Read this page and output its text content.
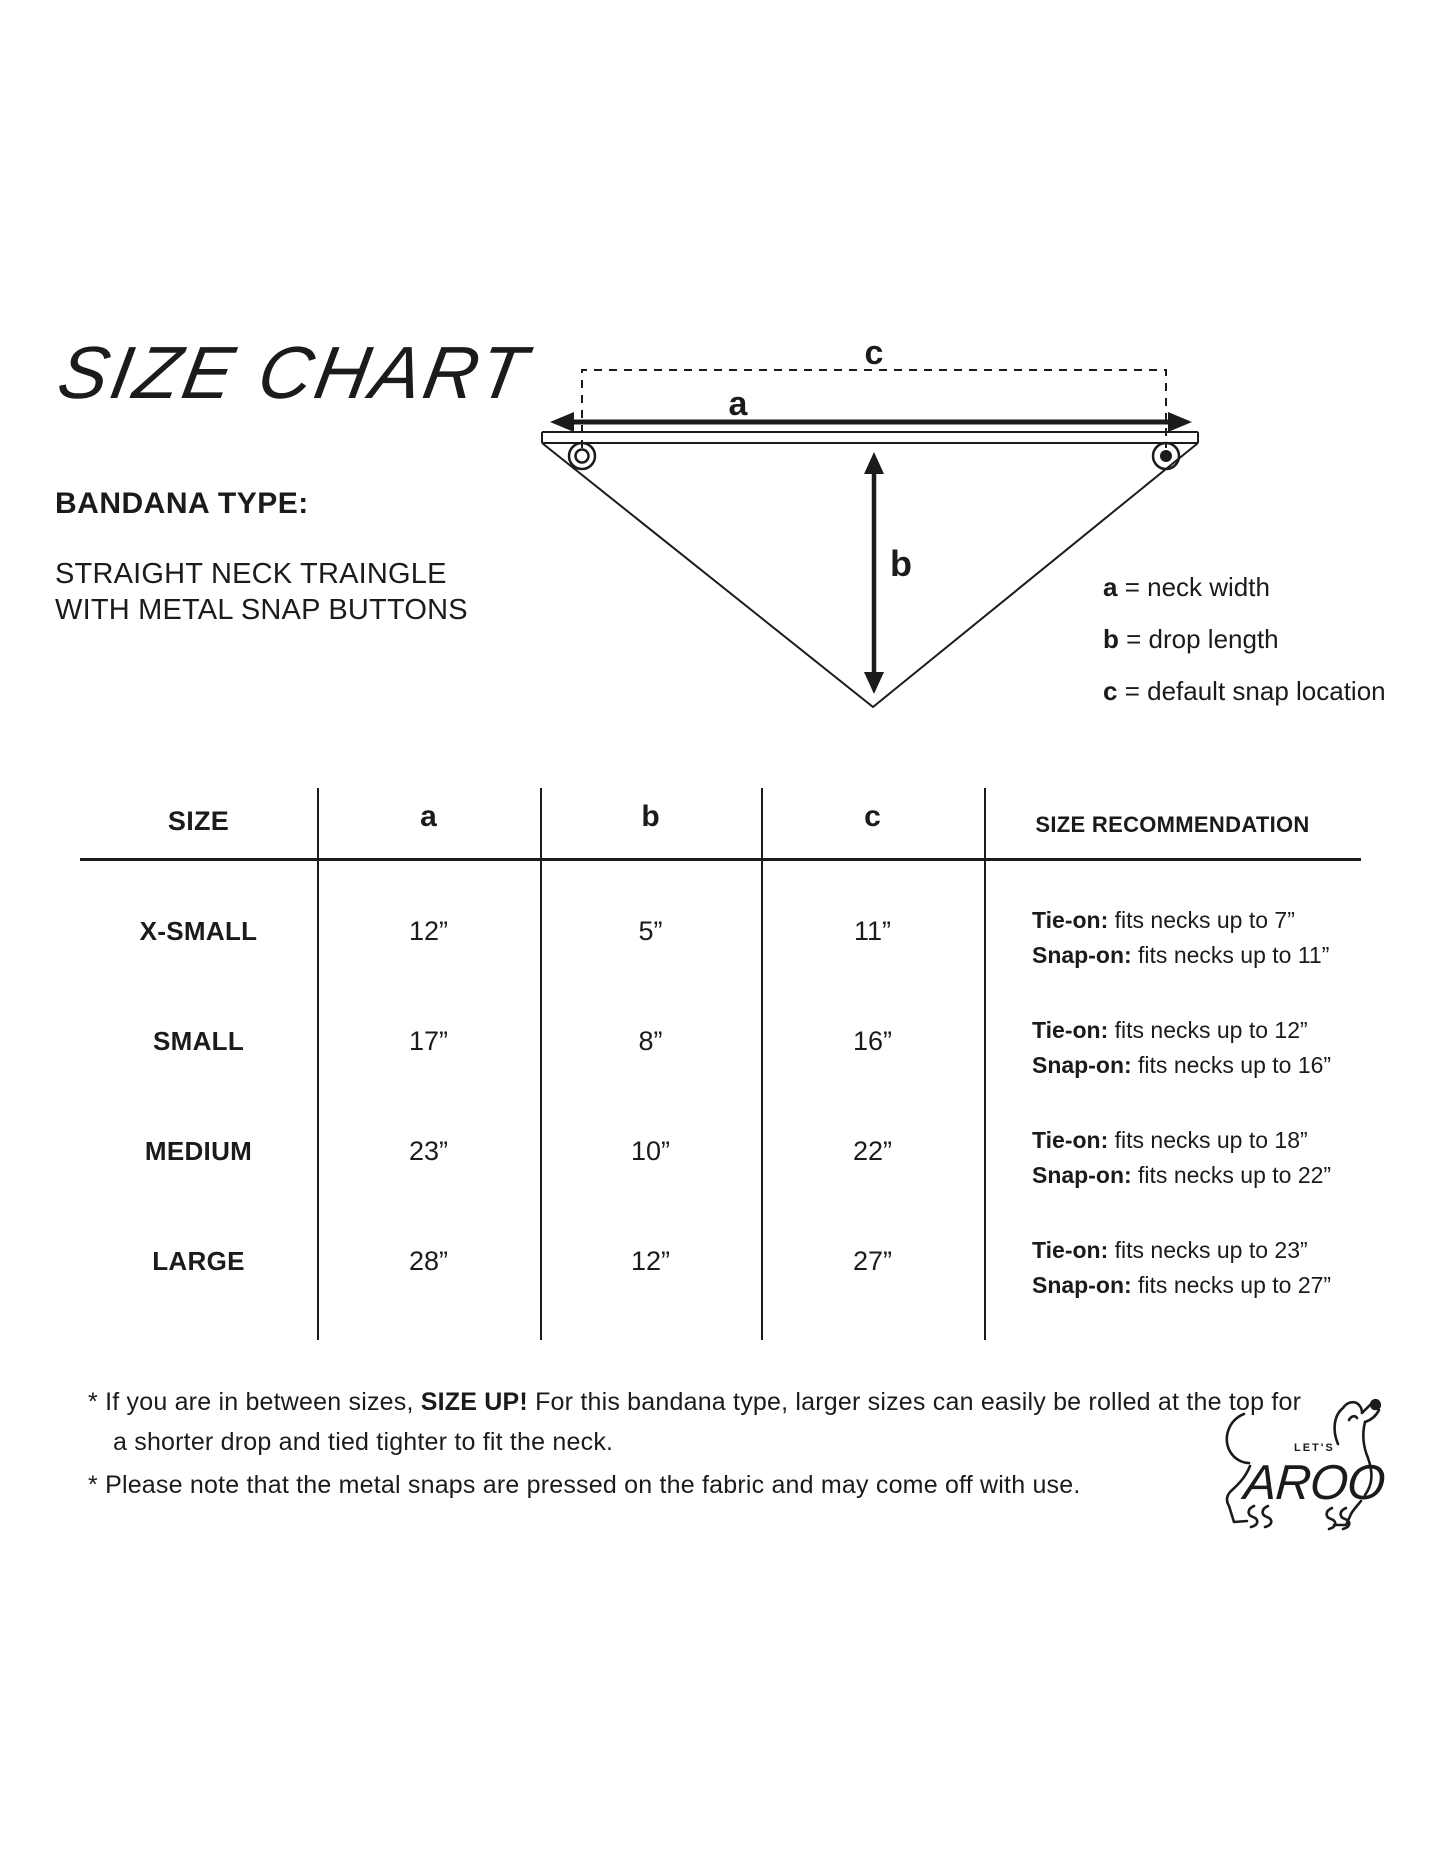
SIZE CHART
BANDANA TYPE:
STRAIGHT NECK TRAINGLE
WITH METAL SNAP BUTTONS
c
a
b
a = neck width
b = drop length
c = default snap location
SIZE	a	b	c	SIZE RECOMMENDATION
X-SMALL	12”	5”	11”	Tie-on: fits necks up to 7”
Snap-on: fits necks up to 11”
SMALL	17”	8”	16”	Tie-on: fits necks up to 12”
Snap-on: fits necks up to 16”
MEDIUM	23”	10”	22”	Tie-on: fits necks up to 18”
Snap-on: fits necks up to 22”
LARGE	28”	12”	27”	Tie-on: fits necks up to 23”
Snap-on: fits necks up to 27”
* If you are in between sizes, SIZE UP! For this bandana type, larger sizes can easily be rolled at the top for
a shorter drop and tied tighter to fit the neck.
* Please note that the metal snaps are pressed on the fabric and may come off with use.
LET'S
AROO
